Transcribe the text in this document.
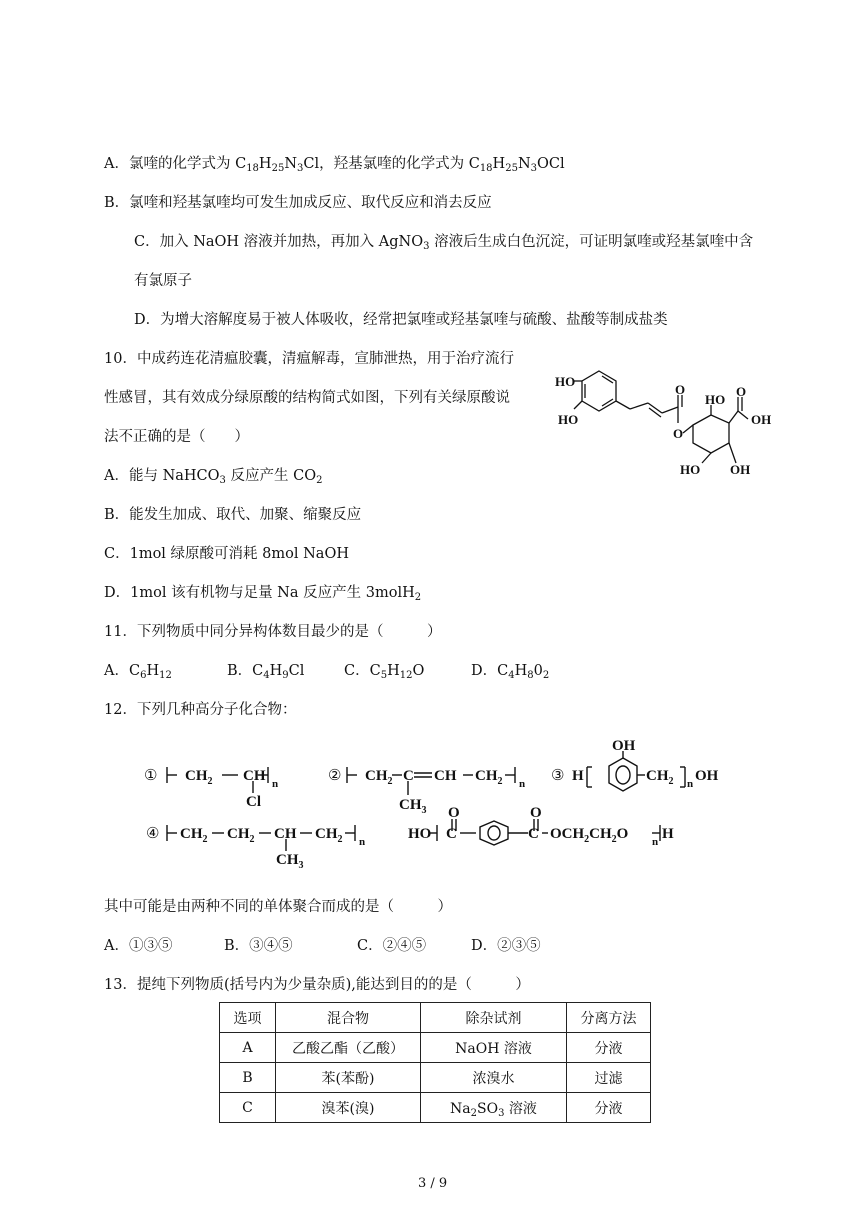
A．氯喹的化学式为 $C_{18}H_{25}N_3Cl$，羟基氯喹的化学式为 $C_{18}H_{25}N_3OCl$
B．氯喹和羟基氯喹均可发生加成反应、取代反应和消去反应
C．加入 NaOH 溶液并加热，再加入 AgNO$_3$ 溶液后生成白色沉淀，可证明氯喹或羟基氯喹中含
有氯原子
D．为增大溶解度易于被人体吸收，经常把氯喹或羟基氯喹与硫酸、盐酸等制成盐类
10．中成药连花清瘟胶囊，清瘟解毒，宣肺泄热，用于治疗流行
性感冒，其有效成分绿原酸的结构简式如图，下列有关绿原酸说
法不正确的是（　　）
HO
HO
O
O
HO
O
OH
HO OH
A．能与 NaHCO$_3$ 反应产生 $CO_2$
B．能发生加成、取代、加聚、缩聚反应
C．1mol 绿原酸可消耗 8mol NaOH
D．1mol 该有机物与足量 Na 反应产生 3molH$_2$
11．下列物质中同分异构体数目最少的是（　　　）
A．$C_6H_{12}$	B．$C_4H_9Cl$	C．$C_5H_{12}O$	D．$C_4H_80_2$
12．下列几种高分子化合物：
① $CH_2$ CH
Cl
n	② $CH_2$ C CH $CH_2$
$CH_3$
n ③ H
OH
$CH_2$ n OH
④ $CH_2$ $CH_2$ CH $CH_2$
$CH_3$
n	HO C
O
C
O
$OCH_2CH_2O$ n H
其中可能是由两种不同的单体聚合而成的是（　　　）
A．①③⑤	B．③④⑤	C．②④⑤	D．②③⑤
13．提纯下列物质(括号内为少量杂质),能达到目的的是（　　　）
选项	混合物	除杂试剂	分离方法
A	乙酸乙酯（乙酸）	NaOH 溶液	分液
B	苯(苯酚)	浓溴水	过滤
C	溴苯(溴)	$Na_2SO_3$ 溶液	分液
3 / 9
